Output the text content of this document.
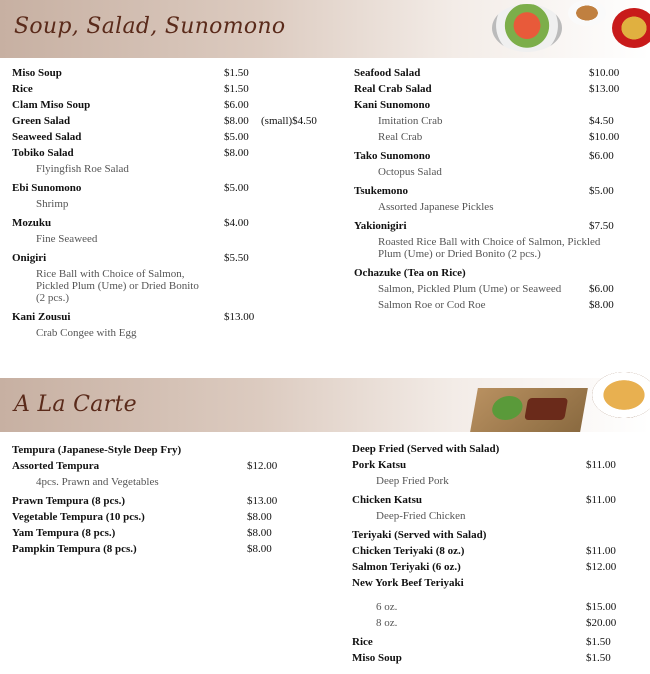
Soup, Salad, Sunomono
A La Carte
Miso Soup	$1.50
Rice	$1.50
Clam Miso Soup	$6.00
Green Salad	$8.00 (small)$4.50
Seaweed Salad	$5.00
Tobiko Salad	$8.00
Flyingfish Roe Salad
Ebi Sunomono	$5.00
Shrimp
Mozuku	$4.00
Fine Seaweed
Onigiri	$5.50
Rice Ball with Choice of Salmon,
Pickled Plum (Ume) or Dried Bonito
(2 pcs.)
Kani Zousui	$13.00
Crab Congee with Egg
Seafood Salad	$10.00
Real Crab Salad	$13.00
Kani Sunomono
Imitation Crab	$4.50
Real Crab	$10.00
Tako Sunomono	$6.00
Octopus Salad
Tsukemono	$5.00
Assorted Japanese Pickles
Yakionigiri	$7.50
Roasted Rice Ball with Choice of Salmon, Pickled
Plum (Ume) or Dried Bonito (2 pcs.)
Ochazuke (Tea on Rice)
Salmon, Pickled Plum (Ume) or Seaweed	$6.00
Salmon Roe or Cod Roe	$8.00
Tempura (Japanese-Style Deep Fry)
Assorted Tempura	$12.00
4pcs. Prawn and Vegetables
Prawn Tempura (8 pcs.)	$13.00
Vegetable Tempura (10 pcs.)	$8.00
Yam Tempura (8 pcs.)	$8.00
Pampkin Tempura (8 pcs.)	$8.00
Deep Fried (Served with Salad)
Pork Katsu	$11.00
Deep Fried Pork
Chicken Katsu	$11.00
Deep-Fried Chicken
Teriyaki (Served with Salad)
Chicken Teriyaki (8 oz.)	$11.00
Salmon Teriyaki (6 oz.)	$12.00
New York Beef Teriyaki
6 oz.	$15.00
8 oz.	$20.00
Rice	$1.50
Miso Soup	$1.50
